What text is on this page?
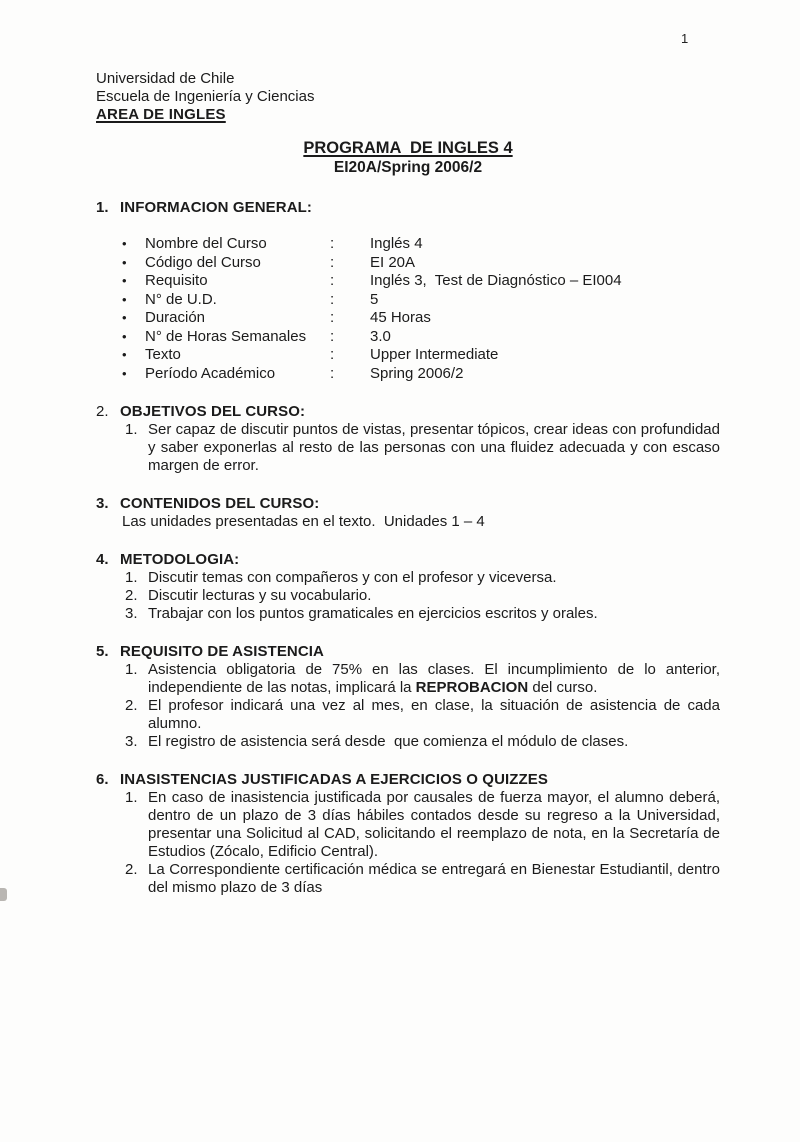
1
Universidad de Chile
Escuela de Ingeniería y Ciencias
AREA DE INGLES
PROGRAMA  DE INGLES 4
EI20A/Spring 2006/2
1. INFORMACION GENERAL:
•	Nombre del Curso	:	Inglés 4
•	Código del Curso	:	EI 20A
•	Requisito	:	Inglés 3,  Test de Diagnóstico – EI004
•	N° de U.D.	:	5
•	Duración	:	45 Horas
•	N° de Horas Semanales	:	3.0
•	Texto	:	Upper Intermediate
•	Período Académico	:	Spring 2006/2
2. OBJETIVOS DEL CURSO:
1. Ser capaz de discutir puntos de vistas, presentar tópicos, crear ideas con profundidad y saber exponerlas al resto de las personas con una fluidez adecuada y con escaso margen de error.
3. CONTENIDOS DEL CURSO:
Las unidades presentadas en el texto.  Unidades 1 – 4
4. METODOLOGIA:
1. Discutir temas con compañeros y con el profesor y viceversa.
2. Discutir lecturas y su vocabulario.
3. Trabajar con los puntos gramaticales en ejercicios escritos y orales.
5. REQUISITO DE ASISTENCIA
1. Asistencia obligatoria de 75% en las clases. El incumplimiento de lo anterior, independiente de las notas, implicará la REPROBACION del curso.
2. El profesor indicará una vez al mes, en clase, la situación de asistencia de cada alumno.
3. El registro de asistencia será desde  que comienza el módulo de clases.
6. INASISTENCIAS JUSTIFICADAS A EJERCICIOS O QUIZZES
1. En caso de inasistencia justificada por causales de fuerza mayor, el alumno deberá, dentro de un plazo de 3 días hábiles contados desde su regreso a la Universidad, presentar una Solicitud al CAD, solicitando el reemplazo de nota, en la Secretaría de Estudios (Zócalo, Edificio Central).
2. La Correspondiente certificación médica se entregará en Bienestar Estudiantil, dentro del mismo plazo de 3 días
